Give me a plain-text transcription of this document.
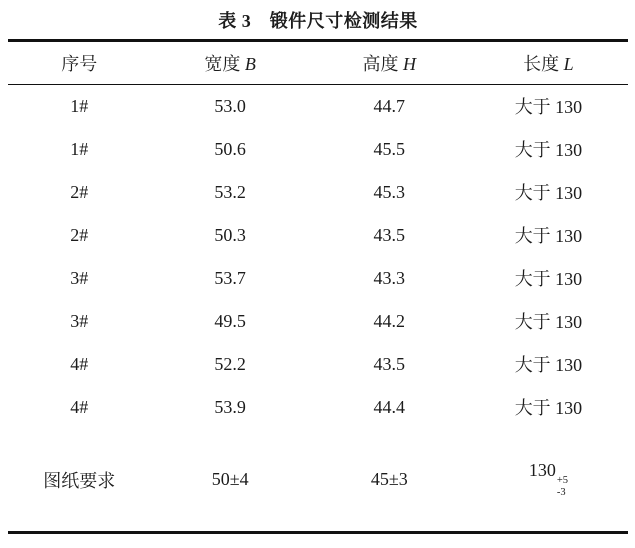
表 3　锻件尺寸检测结果
序号	宽度 B	高度 H	长度 L
1#	53.0	44.7	大于 130
1#	50.6	45.5	大于 130
2#	53.2	45.3	大于 130
2#	50.3	43.5	大于 130
3#	53.7	43.3	大于 130
3#	49.5	44.2	大于 130
4#	52.2	43.5	大于 130
4#	53.9	44.4	大于 130
图纸要求	50±4	45±3	130
+5
-3
